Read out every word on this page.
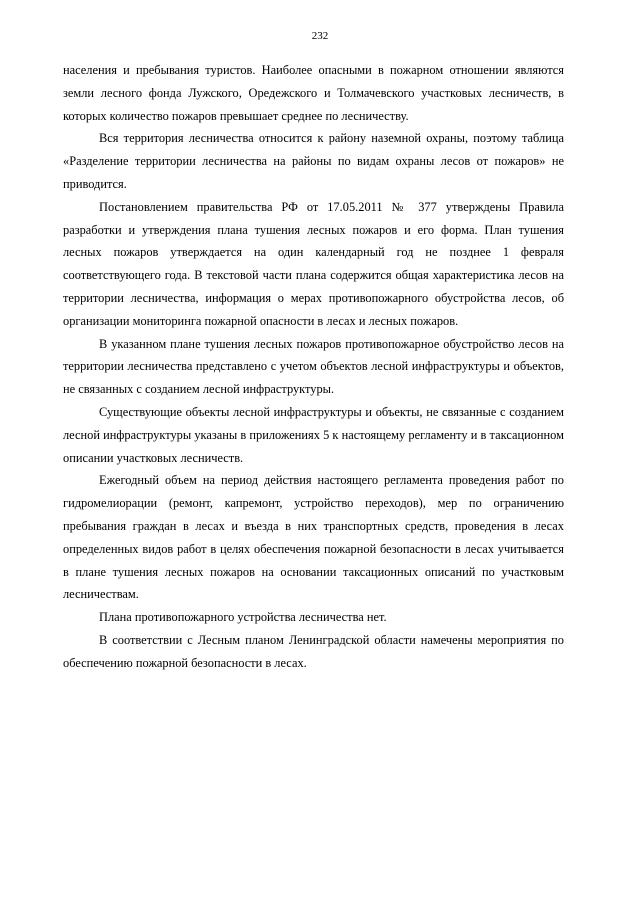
232

населения и пребывания туристов. Наиболее опасными в пожарном отношении являются земли лесного фонда Лужского, Оредежского и Толмачевского участковых лесничеств, в которых количество пожаров превышает среднее по лесничеству.

Вся территория лесничества относится к району наземной охраны, поэтому таблица «Разделение территории лесничества на районы по видам охраны лесов от пожаров» не приводится.

Постановлением правительства РФ от 17.05.2011 № 377 утверждены Правила разработки и утверждения плана тушения лесных пожаров и его форма. План тушения лесных пожаров утверждается на один календарный год не позднее 1 февраля соответствующего года. В текстовой части плана содержится общая характеристика лесов на территории лесничества, информация о мерах противопожарного обустройства лесов, об организации мониторинга пожарной опасности в лесах и лесных пожаров.

В указанном плане тушения лесных пожаров противопожарное обустройство лесов на территории лесничества представлено с учетом объектов лесной инфраструктуры и объектов, не связанных с созданием лесной инфраструктуры.

Существующие объекты лесной инфраструктуры и объекты, не связанные с созданием лесной инфраструктуры указаны в приложениях 5 к настоящему регламенту и в таксационном описании участковых лесничеств.

Ежегодный объем на период действия настоящего регламента проведения работ по гидромелиорации (ремонт, капремонт, устройство переходов), мер по ограничению пребывания граждан в лесах и въезда в них транспортных средств, проведения в лесах определенных видов работ в целях обеспечения пожарной безопасности в лесах учитывается в плане тушения лесных пожаров на основании таксационных описаний по участковым лесничествам.

Плана противопожарного устройства лесничества нет.

В соответствии с Лесным планом Ленинградской области намечены мероприятия по обеспечению пожарной безопасности в лесах.
